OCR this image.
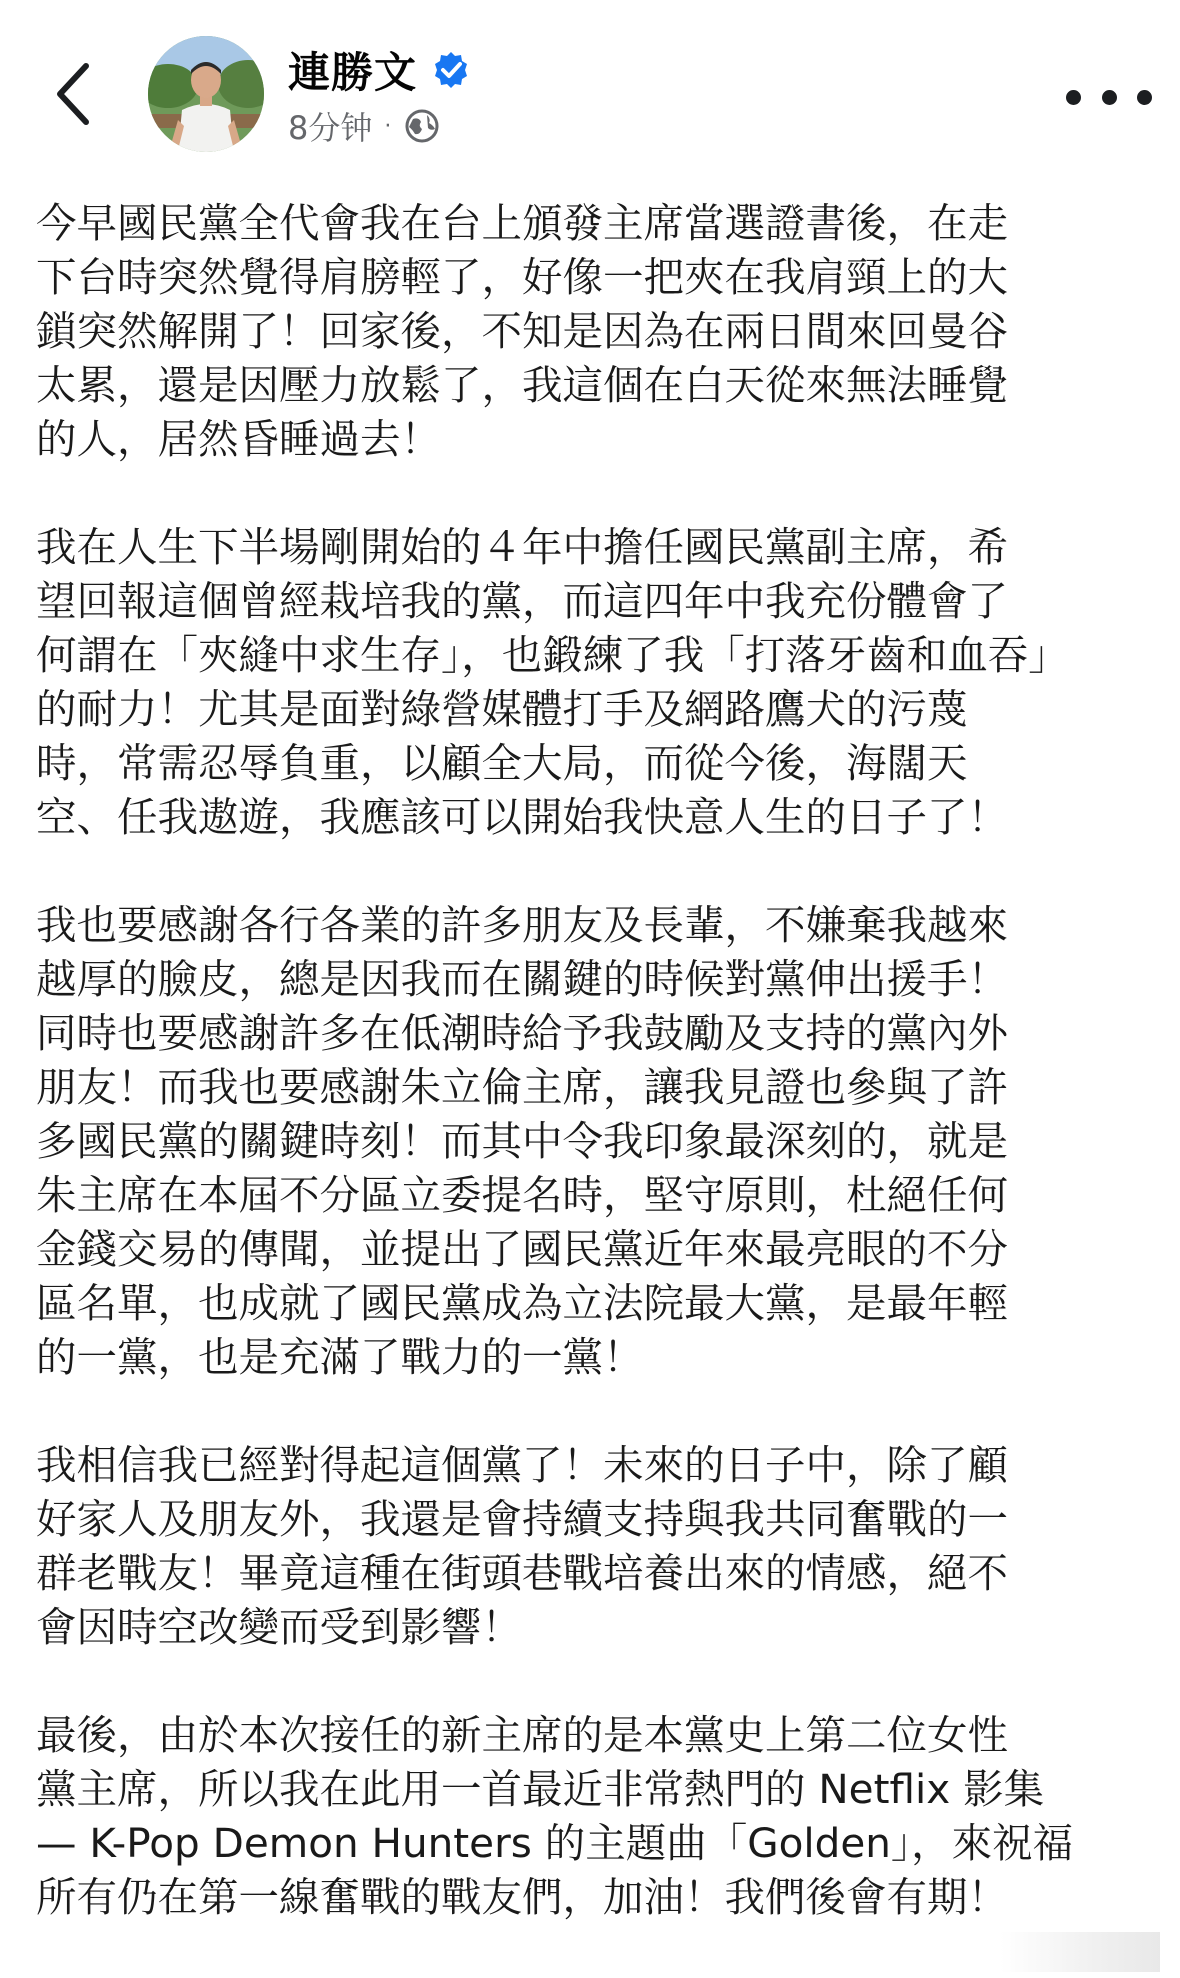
連勝文
8分钟 ·

今早國民黨全代會我在台上頒發主席當選證書後，在走
下台時突然覺得肩膀輕了，好像一把夾在我肩頸上的大
鎖突然解開了！回家後，不知是因為在兩日間來回曼谷
太累，還是因壓力放鬆了，我這個在白天從來無法睡覺
的人，居然昏睡過去！

我在人生下半場剛開始的４年中擔任國民黨副主席，希
望回報這個曾經栽培我的黨，而這四年中我充份體會了
何謂在「夾縫中求生存」，也鍛練了我「打落牙齒和血吞」
的耐力！尤其是面對綠營媒體打手及網路鷹犬的污蔑
時，常需忍辱負重，以顧全大局，而從今後，海闊天
空、任我遨遊，我應該可以開始我快意人生的日子了！

我也要感謝各行各業的許多朋友及長輩，不嫌棄我越來
越厚的臉皮，總是因我而在關鍵的時候對黨伸出援手！
同時也要感謝許多在低潮時給予我鼓勵及支持的黨內外
朋友！而我也要感謝朱立倫主席，讓我見證也參與了許
多國民黨的關鍵時刻！而其中令我印象最深刻的，就是
朱主席在本屆不分區立委提名時，堅守原則，杜絕任何
金錢交易的傳聞，並提出了國民黨近年來最亮眼的不分
區名單，也成就了國民黨成為立法院最大黨，是最年輕
的一黨，也是充滿了戰力的一黨！

我相信我已經對得起這個黨了！未來的日子中，除了顧
好家人及朋友外，我還是會持續支持與我共同奮戰的一
群老戰友！畢竟這種在街頭巷戰培養出來的情感，絕不
會因時空改變而受到影響！

最後，由於本次接任的新主席的是本黨史上第二位女性
黨主席，所以我在此用一首最近非常熱門的 Netflix 影集
— K-Pop Demon Hunters 的主題曲「Golden」，來祝福
所有仍在第一線奮戰的戰友們，加油！我們後會有期！
